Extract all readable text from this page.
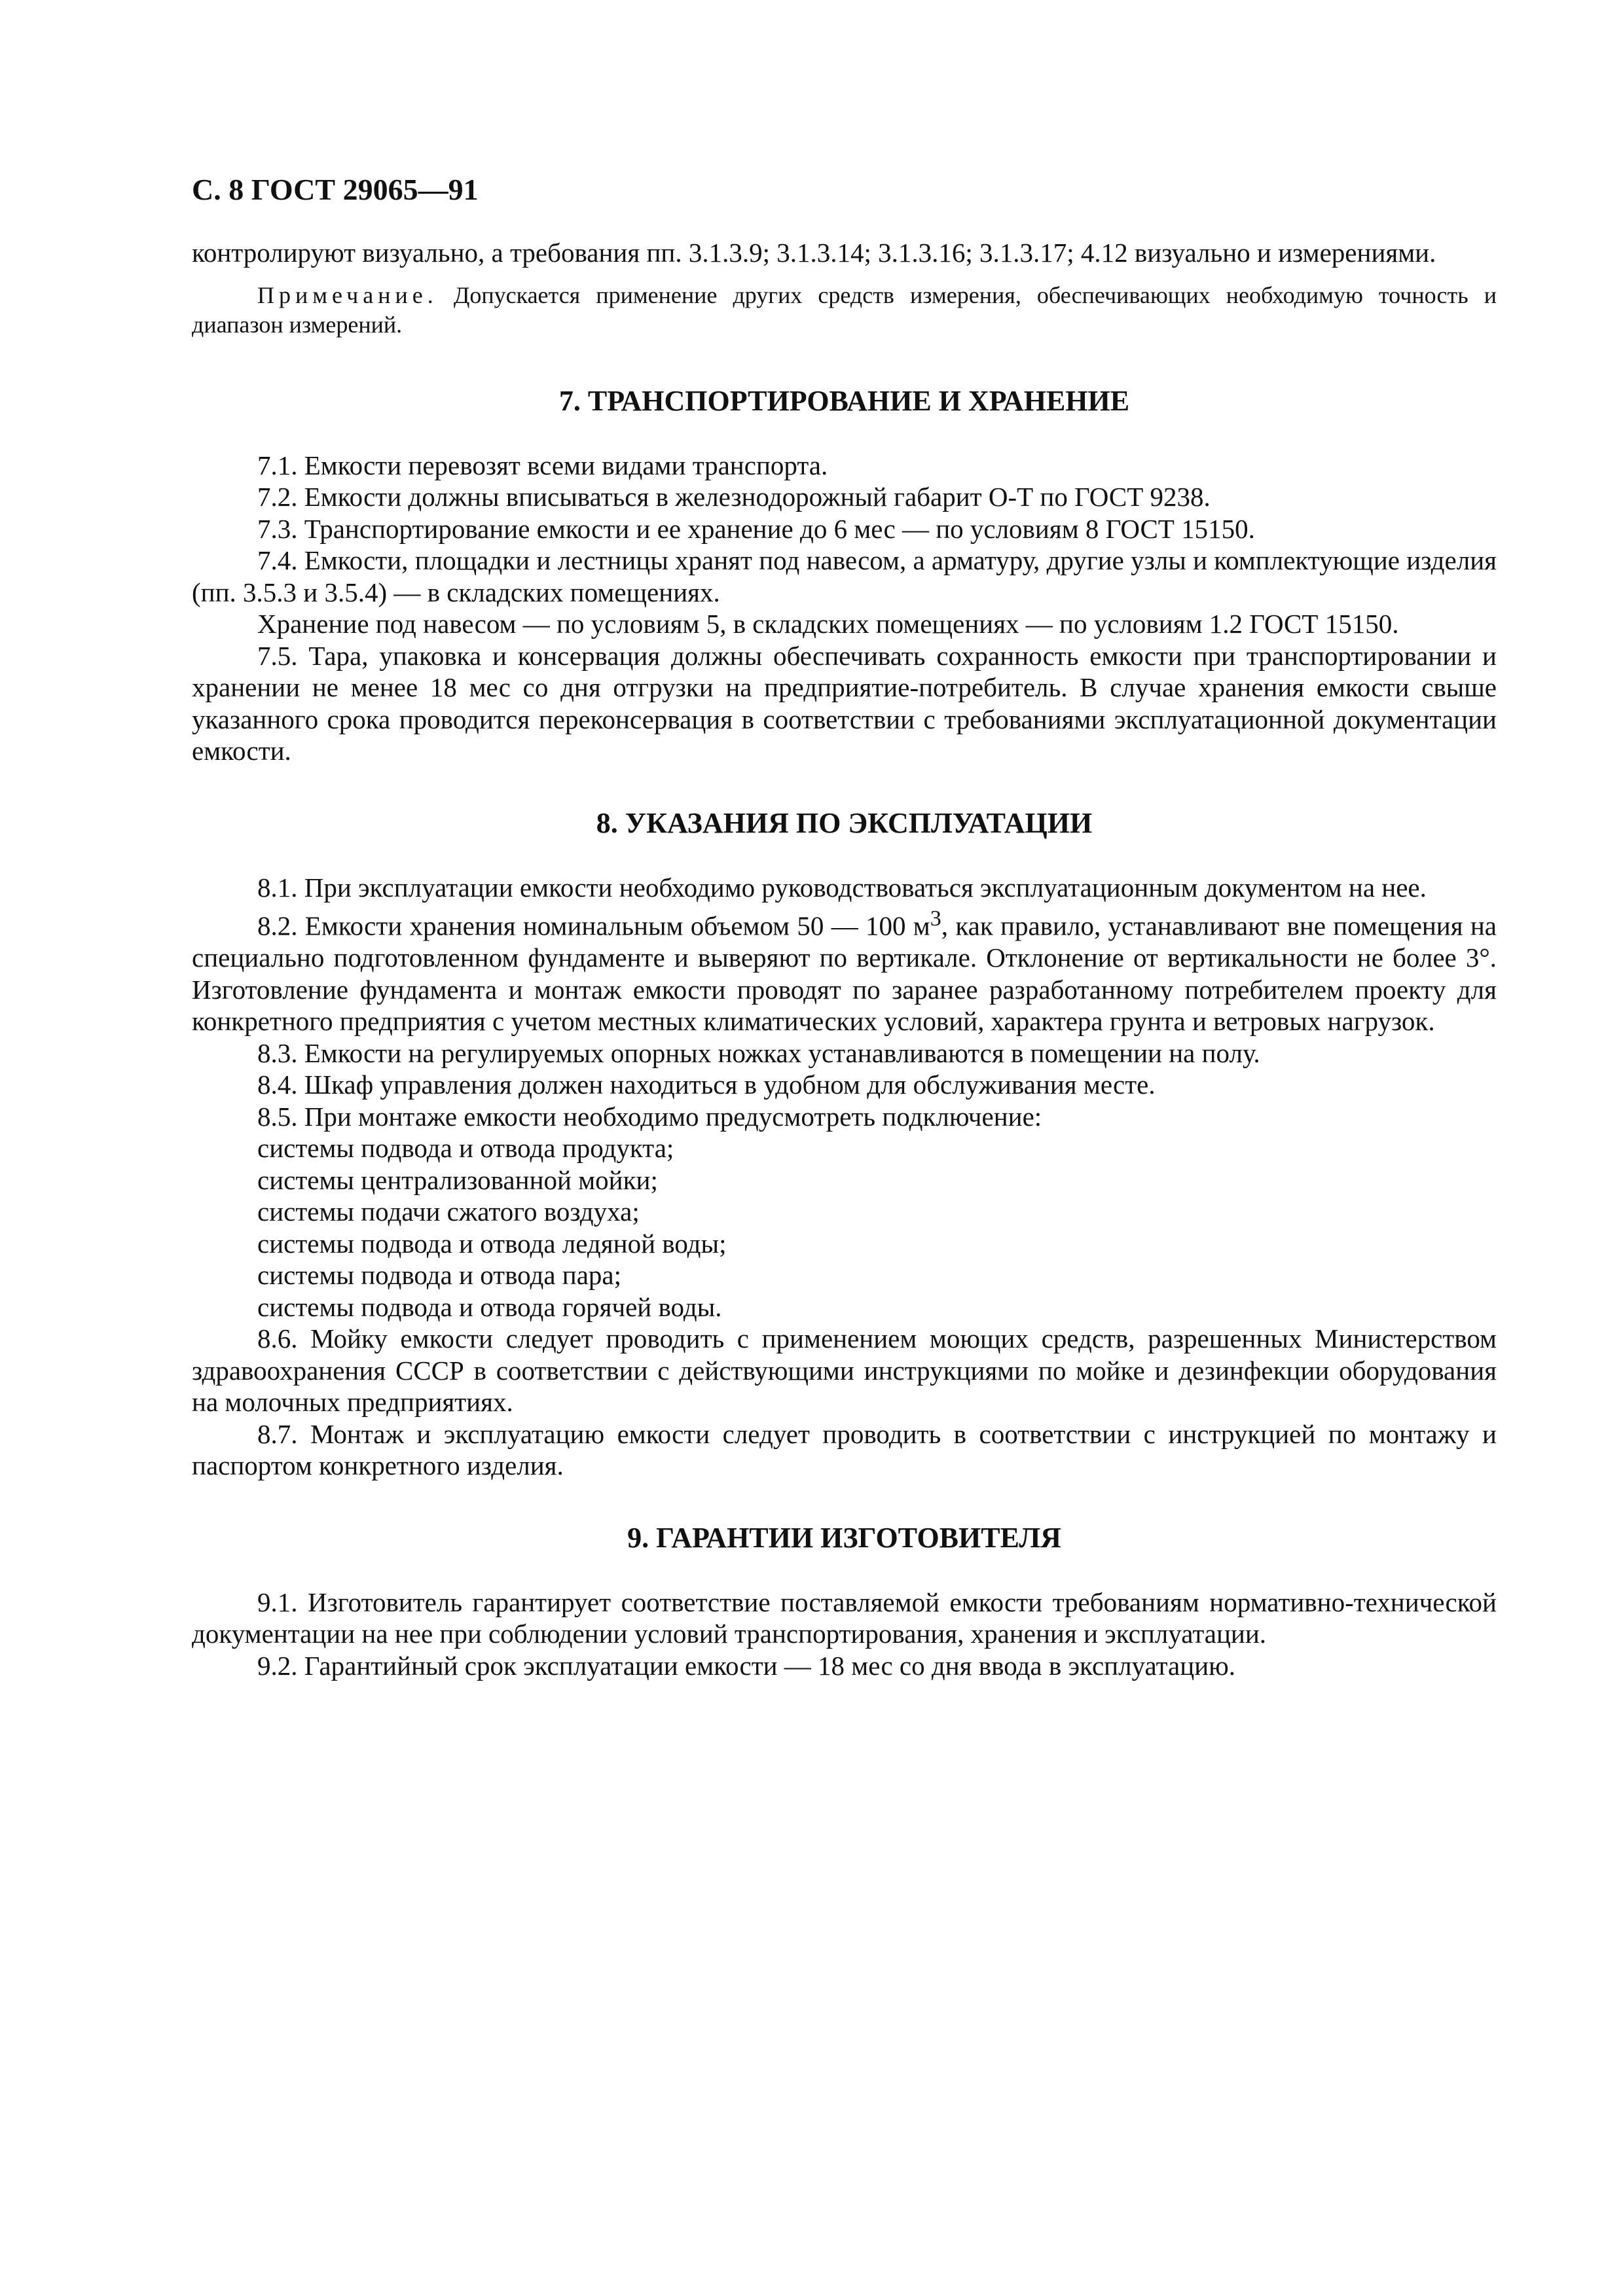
С. 8 ГОСТ 29065—91

контролируют визуально, а требования пп. 3.1.3.9; 3.1.3.14; 3.1.3.16; 3.1.3.17; 4.12 визуально и измерениями.

Примечание. Допускается применение других средств измерения, обеспечивающих необходимую точность и диапазон измерений.

7. ТРАНСПОРТИРОВАНИЕ И ХРАНЕНИЕ

7.1. Емкости перевозят всеми видами транспорта.

7.2. Емкости должны вписываться в железнодорожный габарит О-Т по ГОСТ 9238.

7.3. Транспортирование емкости и ее хранение до 6 мес — по условиям 8 ГОСТ 15150.

7.4. Емкости, площадки и лестницы хранят под навесом, а арматуру, другие узлы и комплектующие изделия (пп. 3.5.3 и 3.5.4) — в складских помещениях.

Хранение под навесом — по условиям 5, в складских помещениях — по условиям 1.2 ГОСТ 15150.

7.5. Тара, упаковка и консервация должны обеспечивать сохранность емкости при транспортировании и хранении не менее 18 мес со дня отгрузки на предприятие-потребитель. В случае хранения емкости свыше указанного срока проводится переконсервация в соответствии с требованиями эксплуатационной документации емкости.

8. УКАЗАНИЯ ПО ЭКСПЛУАТАЦИИ

8.1. При эксплуатации емкости необходимо руководствоваться эксплуатационным документом на нее.

8.2. Емкости хранения номинальным объемом 50 — 100 $м^3$, как правило, устанавливают вне помещения на специально подготовленном фундаменте и выверяют по вертикале. Отклонение от вертикальности не более 3°. Изготовление фундамента и монтаж емкости проводят по заранее разработанному потребителем проекту для конкретного предприятия с учетом местных климатических условий, характера грунта и ветровых нагрузок.

8.3. Емкости на регулируемых опорных ножках устанавливаются в помещении на полу.

8.4. Шкаф управления должен находиться в удобном для обслуживания месте.

8.5. При монтаже емкости необходимо предусмотреть подключение:

системы подвода и отвода продукта;

системы централизованной мойки;

системы подачи сжатого воздуха;

системы подвода и отвода ледяной воды;

системы подвода и отвода пара;

системы подвода и отвода горячей воды.

8.6. Мойку емкости следует проводить с применением моющих средств, разрешенных Министерством здравоохранения СССР в соответствии с действующими инструкциями по мойке и дезинфекции оборудования на молочных предприятиях.

8.7. Монтаж и эксплуатацию емкости следует проводить в соответствии с инструкцией по монтажу и паспортом конкретного изделия.

9. ГАРАНТИИ ИЗГОТОВИТЕЛЯ

9.1. Изготовитель гарантирует соответствие поставляемой емкости требованиям нормативно-технической документации на нее при соблюдении условий транспортирования, хранения и эксплуатации.

9.2. Гарантийный срок эксплуатации емкости — 18 мес со дня ввода в эксплуатацию.
